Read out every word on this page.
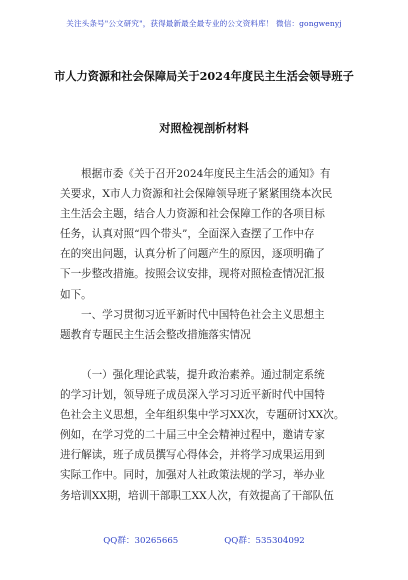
关注头条号"公文研究"，获得最新最全最专业的公文资料库！ 微信：gongwenyj
市人力资源和社会保障局关于2024年度民主生活会领导班子
对照检视剖析材料
根据市委《关于召开2024年度民主生活会的通知》有
关要求，X市人力资源和社会保障领导班子紧紧围绕本次民
主生活会主题，结合人力资源和社会保障工作的各项目标
任务，认真对照“四个带头”，全面深入查摆了工作中存
在的突出问题，认真分析了问题产生的原因，逐项明确了
下一步整改措施。按照会议安排，现将对照检查情况汇报
如下。
一、学习贯彻习近平新时代中国特色社会主义思想主
题教育专题民主生活会整改措施落实情况
（一）强化理论武装，提升政治素养。通过制定系统
的学习计划，领导班子成员深入学习习近平新时代中国特
色社会主义思想，全年组织集中学习XX次，专题研讨XX次。
例如，在学习党的二十届三中全会精神过程中，邀请专家
进行解读，班子成员撰写心得体会，并将学习成果运用到
实际工作中。同时，加强对人社政策法规的学习，举办业
务培训XX期，培训干部职工XX人次，有效提高了干部队伍
QQ群：30265665	QQ群：535304092
